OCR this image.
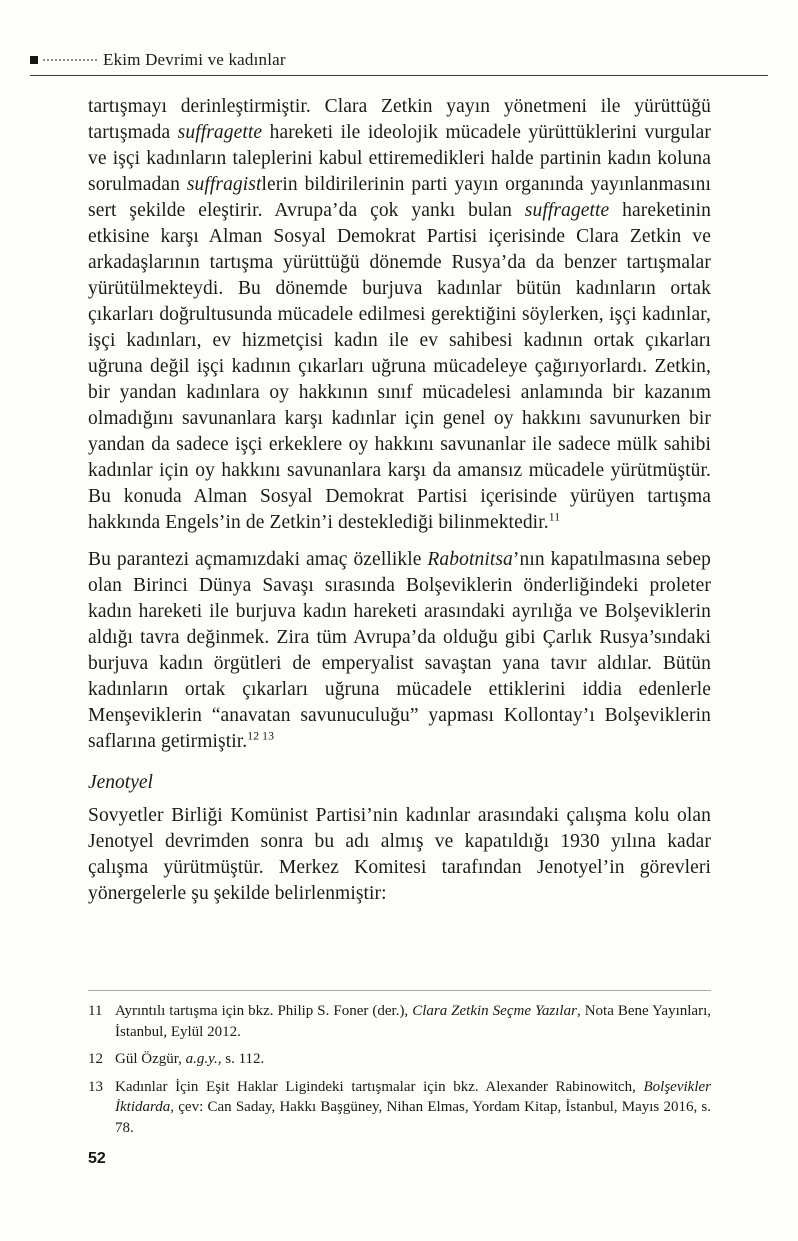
Ekim Devrimi ve kadınlar

tartışmayı derinleştirmiştir. Clara Zetkin yayın yönetmeni ile yürüttüğü tartışmada suffragette hareketi ile ideolojik mücadele yürüttüklerini vurgular ve işçi kadınların taleplerini kabul ettiremedikleri halde partinin kadın koluna sorulmadan suffragistlerin bildirilerinin parti yayın organında yayınlanmasını sert şekilde eleştirir. Avrupa’da çok yankı bulan suffragette hareketinin etkisine karşı Alman Sosyal Demokrat Partisi içerisinde Clara Zetkin ve arkadaşlarının tartışma yürüttüğü dönemde Rusya’da da benzer tartışmalar yürütülmekteydi. Bu dönemde burjuva kadınlar bütün kadınların ortak çıkarları doğrultusunda mücadele edilmesi gerektiğini söylerken, işçi kadınlar, işçi kadınları, ev hizmetçisi kadın ile ev sahibesi kadının ortak çıkarları uğruna değil işçi kadının çıkarları uğruna mücadeleye çağırıyorlardı. Zetkin, bir yandan kadınlara oy hakkının sınıf mücadelesi anlamında bir kazanım olmadığını savunanlara karşı kadınlar için genel oy hakkını savunurken bir yandan da sadece işçi erkeklere oy hakkını savunanlar ile sadece mülk sahibi kadınlar için oy hakkını savunanlara karşı da amansız mücadele yürütmüştür. Bu konuda Alman Sosyal Demokrat Partisi içerisinde yürüyen tartışma hakkında Engels’in de Zetkin’i desteklediği bilinmektedir.$^{11}$

Bu parantezi açmamızdaki amaç özellikle Rabotnitsa’nın kapatılmasına sebep olan Birinci Dünya Savaşı sırasında Bolşeviklerin önderliğindeki proleter kadın hareketi ile burjuva kadın hareketi arasındaki ayrılığa ve Bolşeviklerin aldığı tavra değinmek. Zira tüm Avrupa’da olduğu gibi Çarlık Rusya’sındaki burjuva kadın örgütleri de emperyalist savaştan yana tavır aldılar. Bütün kadınların ortak çıkarları uğruna mücadele ettiklerini iddia edenlerle Menşeviklerin “anavatan savunuculuğu” yapması Kollontay’ı Bolşeviklerin saflarına getirmiştir.$^{12 13}$

Jenotyel

Sovyetler Birliği Komünist Partisi’nin kadınlar arasındaki çalışma kolu olan Jenotyel devrimden sonra bu adı almış ve kapatıldığı 1930 yılına kadar çalışma yürütmüştür. Merkez Komitesi tarafından Jenotyel’in görevleri yönergelerle şu şekilde belirlenmiştir:

11 Ayrıntılı tartışma için bkz. Philip S. Foner (der.), Clara Zetkin Seçme Yazılar, Nota Bene Yayınları, İstanbul, Eylül 2012.
12 Gül Özgür, a.g.y., s. 112.
13 Kadınlar İçin Eşit Haklar Ligindeki tartışmalar için bkz. Alexander Rabinowitch, Bolşevikler İktidarda, çev: Can Saday, Hakkı Başgüney, Nihan Elmas, Yordam Kitap, İstanbul, Mayıs 2016, s. 78.
52
